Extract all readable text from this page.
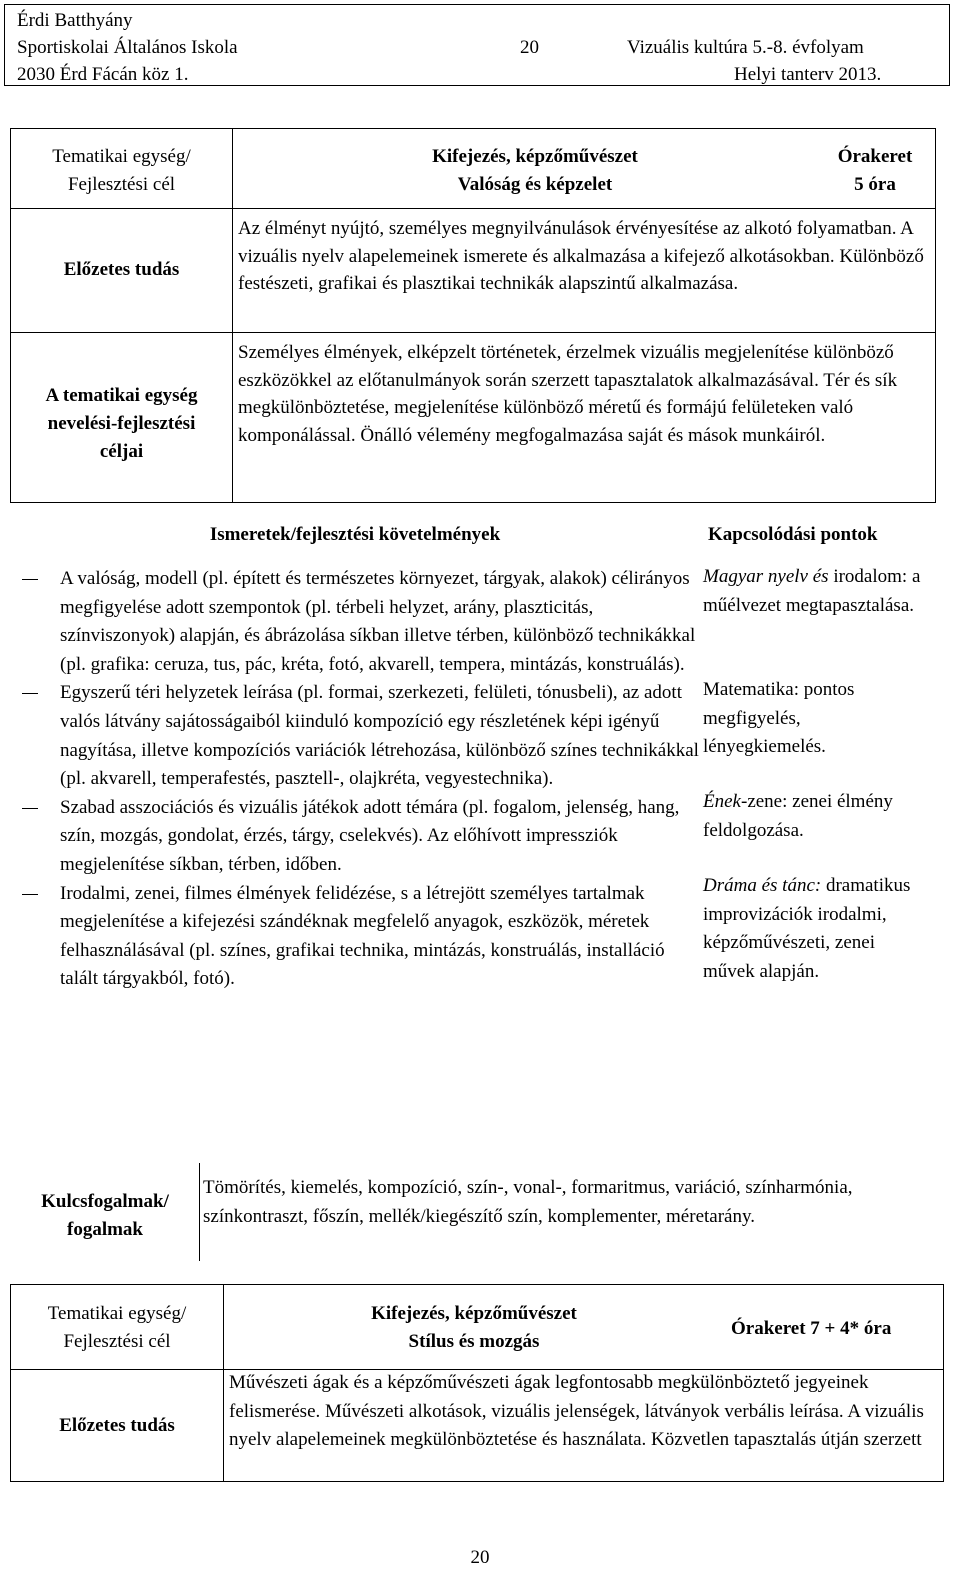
Érdi Batthyány
Sportiskolai Általános Iskola
2030 Érd Fácán köz 1.
20	Vizuális kultúra 5.-8. évfolyam
Helyi tanterv 2013.
Tematikai egység/
Fejlesztési cél
Kifejezés, képzőművészet
Valóság és képzelet
Órakeret
5 óra
Előzetes tudás
Az élményt nyújtó, személyes megnyilvánulások érvényesítése az alkotó folyamatban. A vizuális nyelv alapelemeinek ismerete és alkalmazása a kifejező alkotásokban. Különböző festészeti, grafikai és plasztikai technikák alapszintű alkalmazása.
A tematikai egység
nevelési-fejlesztési
céljai
Személyes élmények, elképzelt történetek, érzelmek vizuális megjelenítése különböző eszközökkel az előtanulmányok során szerzett tapasztalatok alkalmazásával. Tér és sík megkülönböztetése, megjelenítése különböző méretű és formájú felületeken való komponálással. Önálló vélemény megfogalmazása saját és mások munkáiról.
Ismeretek/fejlesztési követelmények	Kapcsolódási pontok
A valóság, modell (pl. épített és természetes környezet, tárgyak, alakok) célirányos megfigyelése adott szempontok (pl. térbeli helyzet, arány, plaszticitás, színviszonyok) alapján, és ábrázolása síkban illetve térben, különböző technikákkal (pl. grafika: ceruza, tus, pác, kréta, fotó, akvarell, tempera, mintázás, konstruálás).
Egyszerű téri helyzetek leírása (pl. formai, szerkezeti, felületi, tónusbeli), az adott valós látvány sajátosságaiból kiinduló kompozíció egy részletének képi igényű nagyítása, illetve kompozíciós variációk létrehozása, különböző színes technikákkal (pl. akvarell, temperafestés, pasztell-, olajkréta, vegyestechnika).
Szabad asszociációs és vizuális játékok adott témára (pl. fogalom, jelenség, hang, szín, mozgás, gondolat, érzés, tárgy, cselekvés). Az előhívott impressziók megjelenítése síkban, térben, időben.
Irodalmi, zenei, filmes élmények felidézése, s a létrejött személyes tartalmak megjelenítése a kifejezési szándéknak megfelelő anyagok, eszközök, méretek felhasználásával (pl. színes, grafikai technika, mintázás, konstruálás, installáció talált tárgyakból, fotó).
Magyar nyelv és irodalom: a műélvezet megtapasztalása.
Matematika: pontos megfigyelés, lényegkiemelés.
Ének-zene: zenei élmény feldolgozása.
Dráma és tánc: dramatikus improvizációk irodalmi, képzőművészeti, zenei művek alapján.
Kulcsfogalmak/
fogalmak
Tömörítés, kiemelés, kompozíció, szín-, vonal-, formaritmus, variáció, színharmónia, színkontraszt, főszín, mellék/kiegészítő szín, komplementer, méretarány.
Tematikai egység/
Fejlesztési cél
Kifejezés, képzőművészet
Stílus és mozgás
Órakeret 7 + 4* óra
Előzetes tudás
Művészeti ágak és a képzőművészeti ágak legfontosabb megkülönböztető jegyeinek felismerése. Művészeti alkotások, vizuális jelenségek, látványok verbális leírása. A vizuális nyelv alapelemeinek megkülönböztetése és használata. Közvetlen tapasztalás útján szerzett
20
